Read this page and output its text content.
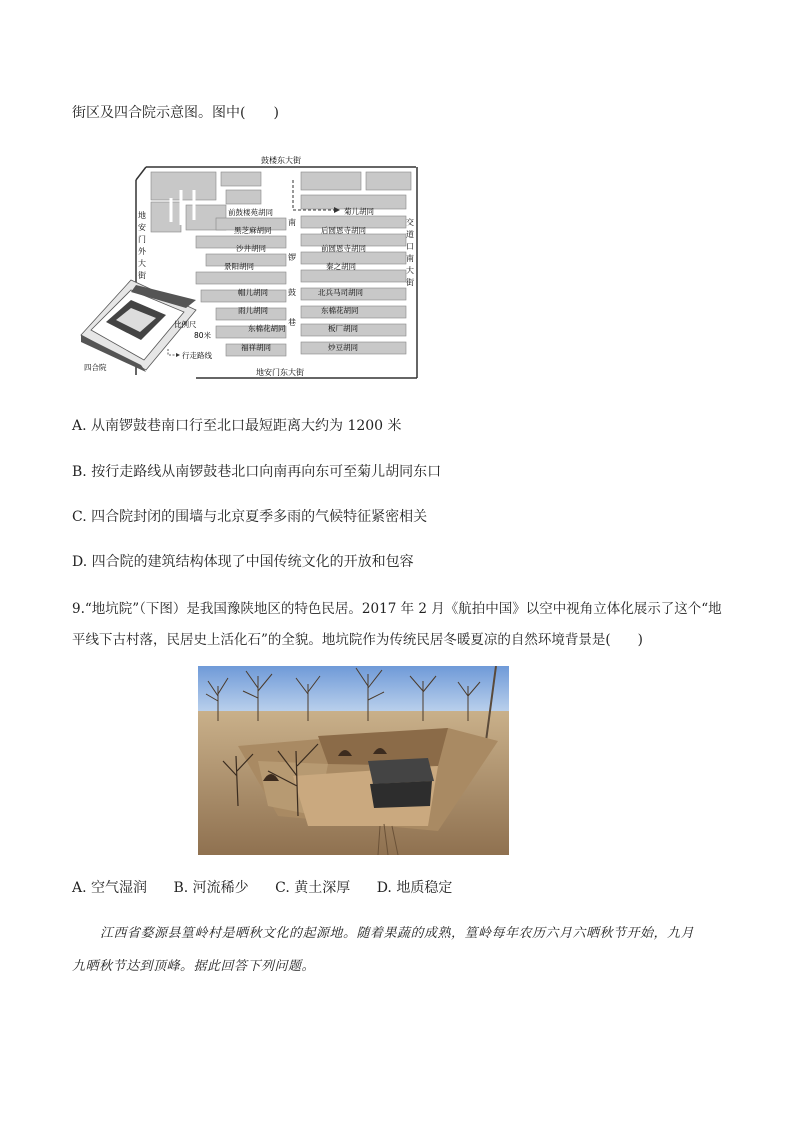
街区及四合院示意图。图中(　　)
鼓楼东大街
地安门东大街
地
安
门
外
大
街
交
道
口
南
大
街
南
锣
鼓
巷
前鼓楼苑胡同
黑芝麻胡同
沙井胡同
景阳胡同
帽儿胡同
雨儿胡同
东棉花胡同
福祥胡同
菊儿胡同
后圆恩寺胡同
前圆恩寺胡同
秦之胡同
北兵马司胡同
东棉花胡同
板厂胡同
炒豆胡同
四合院
比例尺
80米
行走路线
A. 从南锣鼓巷南口行至北口最短距离大约为 1200 米
B. 按行走路线从南锣鼓巷北口向南再向东可至菊儿胡同东口
C. 四合院封闭的围墙与北京夏季多雨的气候特征紧密相关
D. 四合院的建筑结构体现了中国传统文化的开放和包容
9.“地坑院”（下图）是我国豫陕地区的特色民居。2017 年 2 月《航拍中国》以空中视角立体化展示了这个“地
平线下古村落，民居史上活化石”的全貌。地坑院作为传统民居冬暖夏凉的自然环境背景是(　　)
A. 空气湿润 B. 河流稀少 C. 黄土深厚 D. 地质稳定
江西省婺源县篁岭村是晒秋文化的起源地。随着果蔬的成熟，篁岭每年农历六月六晒秋节开始，九月
九晒秋节达到顶峰。据此回答下列问题。
